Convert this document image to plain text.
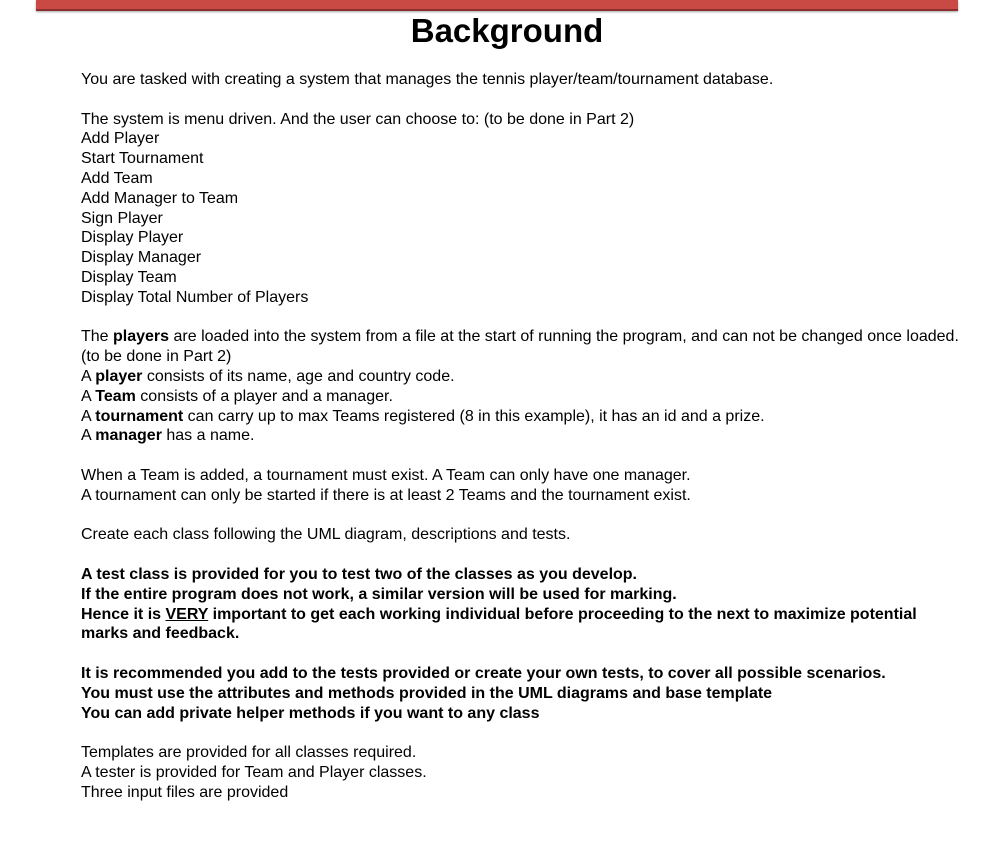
Background

You are tasked with creating a system that manages the tennis player/team/tournament database.

The system is menu driven. And the user can choose to: (to be done in Part 2)

Add Player

Start Tournament

Add Team

Add Manager to Team

Sign Player

Display Player

Display Manager

Display Team

Display Total Number of Players

The players are loaded into the system from a file at the start of running the program, and can not be changed once loaded. (to be done in Part 2)

A player consists of its name, age and country code.

A Team consists of a player and a manager.

A tournament can carry up to max Teams registered (8 in this example), it has an id and a prize.

A manager has a name.

When a Team is added, a tournament must exist. A Team can only have one manager.

A tournament can only be started if there is at least 2 Teams and the tournament exist.

Create each class following the UML diagram, descriptions and tests.

A test class is provided for you to test two of the classes as you develop.

If the entire program does not work, a similar version will be used for marking.

Hence it is VERY important to get each working individual before proceeding to the next to maximize potential marks and feedback.

It is recommended you add to the tests provided or create your own tests, to cover all possible scenarios.

You must use the attributes and methods provided in the UML diagrams and base template

You can add private helper methods if you want to any class

Templates are provided for all classes required.

A tester is provided for Team and Player classes.

Three input files are provided
